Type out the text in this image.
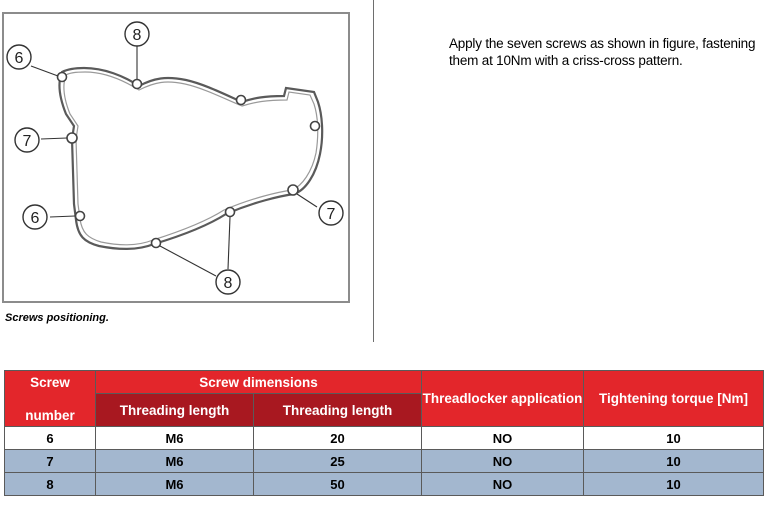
8
6
7
6	7
8
Screws positioning.
Apply the seven screws as shown in figure, fastening them at 10Nm with a criss-cross pattern.
Screw
number	Screw dimensions		Threadlocker application	Tightening torque [Nm]
	Threading length	Threading length		
6	M6	20	NO	10
7	M6	25	NO	10
8	M6	50	NO	10
